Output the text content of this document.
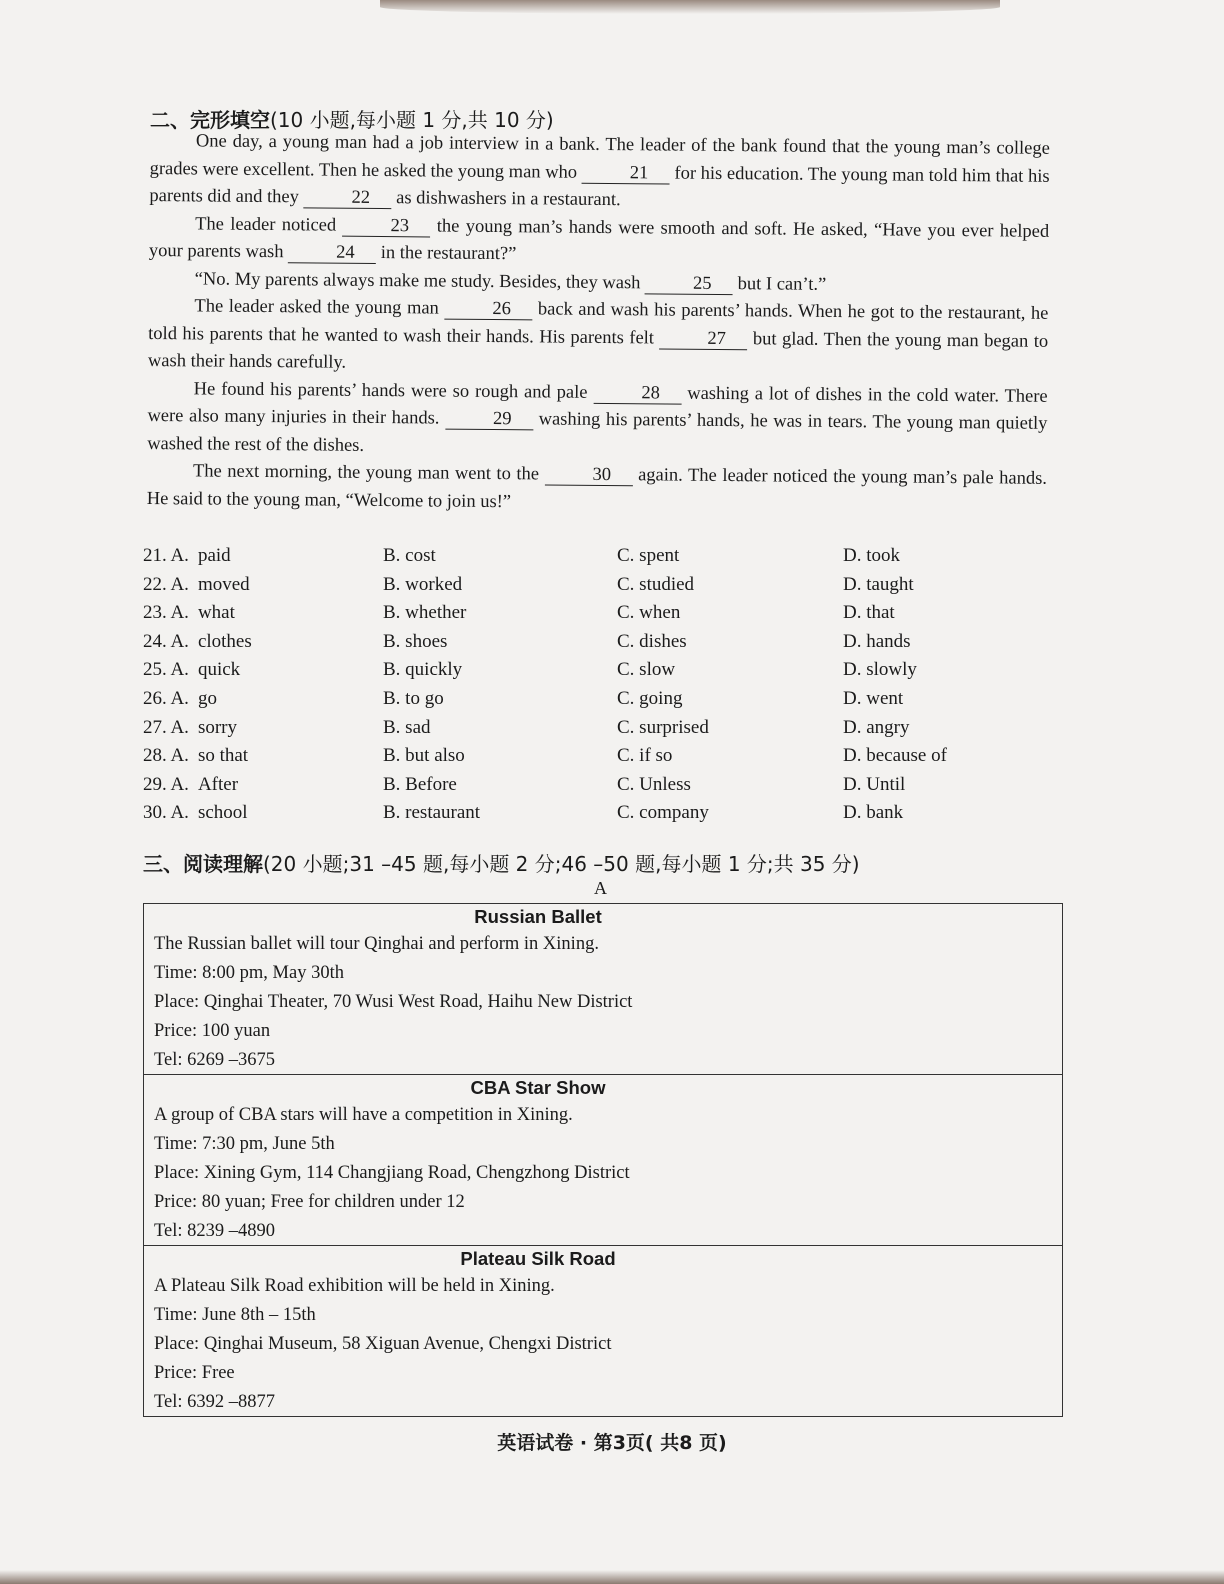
二、完形填空(10 小题,每小题 1 分,共 10 分)

One day, a young man had a job interview in a bank. The leader of the bank found that the young man’s college grades were excellent. Then he asked the young man who	21 for his education. The young man told him that his parents did and they	22 as dishwashers in a restaurant.

The leader noticed	23 the young man’s hands were smooth and soft. He asked, “Have you ever helped your parents wash	24 in the restaurant?”

“No. My parents always make me study. Besides, they wash	25 but I can’t.”

The leader asked the young man	26 back and wash his parents’ hands. When he got to the restaurant, he told his parents that he wanted to wash their hands. His parents felt	27 but glad. Then the young man began to wash their hands carefully.

He found his parents’ hands were so rough and pale	28 washing a lot of dishes in the cold water. There were also many injuries in their hands.	29 washing his parents’ hands, he was in tears. The young man quietly washed the rest of the dishes.

The next morning, the young man went to the	30 again. The leader noticed the young man’s pale hands. He said to the young man, “Welcome to join us!”

21. A. paid	B. cost	C. spent	D. took
22. A. moved	B. worked	C. studied	D. taught
23. A. what	B. whether	C. when	D. that
24. A. clothes	B. shoes	C. dishes	D. hands
25. A. quick	B. quickly	C. slow	D. slowly
26. A. go	B. to go	C. going	D. went
27. A. sorry	B. sad	C. surprised	D. angry
28. A. so that	B. but also	C. if so	D. because of
29. A. After	B. Before	C. Unless	D. Until
30. A. school	B. restaurant	C. company	D. bank
三、阅读理解(20 小题;31 –45 题,每小题 2 分;46 –50 题,每小题 1 分;共 35 分)
A
Russian Ballet
The Russian ballet will tour Qinghai and perform in Xining.
Time: 8:00 pm, May 30th
Place: Qinghai Theater, 70 Wusi West Road, Haihu New District
Price: 100 yuan
Tel: 6269 –3675
CBA Star Show
A group of CBA stars will have a competition in Xining.
Time: 7:30 pm, June 5th
Place: Xining Gym, 114 Changjiang Road, Chengzhong District
Price: 80 yuan; Free for children under 12
Tel: 8239 –4890
Plateau Silk Road
A Plateau Silk Road exhibition will be held in Xining.
Time: June 8th – 15th
Place: Qinghai Museum, 58 Xiguan Avenue, Chengxi District
Price: Free
Tel: 6392 –8877
英语试卷 · 第3页( 共8 页)
